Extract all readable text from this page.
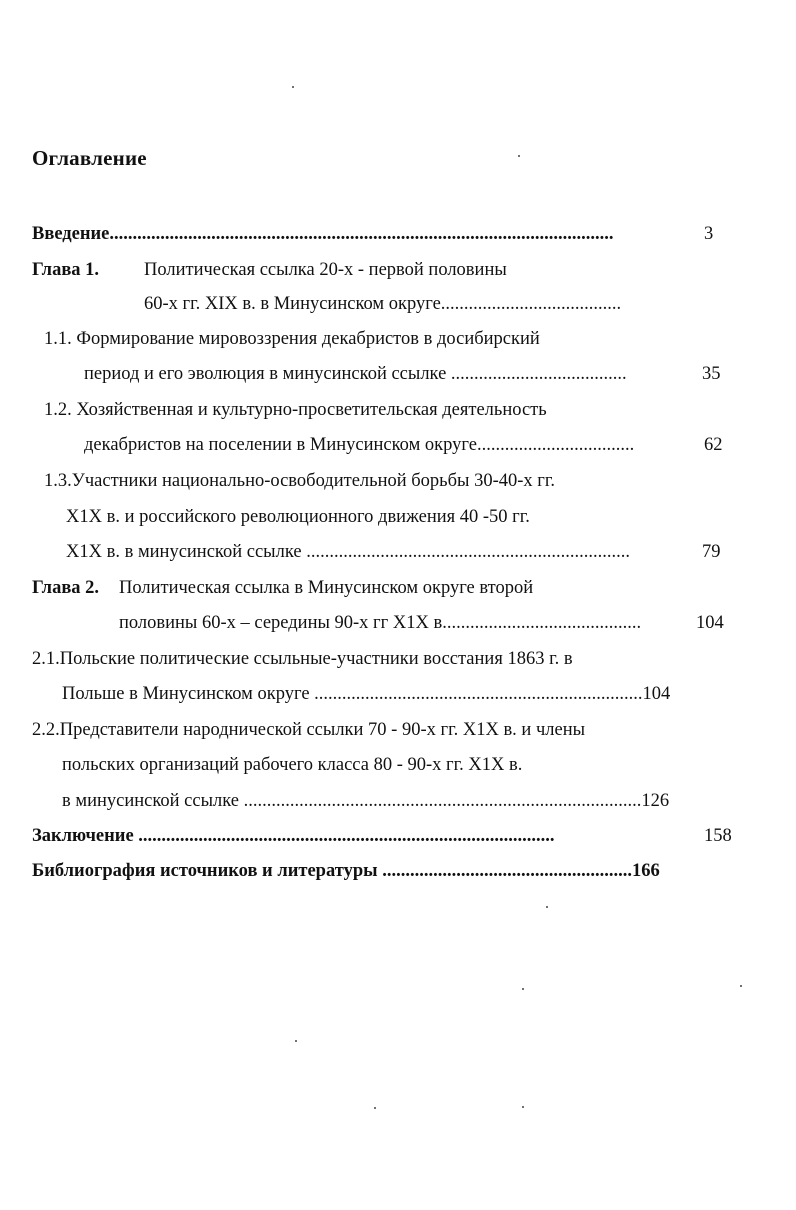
Оглавление
Введение.............................................................................................................	3
Глава 1. Политическая ссылка 20-х - первой половины
60-х гг. XIX в. в Минусинском округе.......................................
1.1. Формирование мировоззрения декабристов в досибирский
период и его эволюция в минусинской ссылке ......................................	35
1.2. Хозяйственная и культурно-просветительская деятельность
декабристов на поселении в Минусинском округе..................................	62
1.3.Участники национально-освободительной борьбы 30-40-х гг.
Х1Х в. и российского революционного движения 40 -50 гг.
Х1Х в. в минусинской ссылке ......................................................................	79
Глава 2. Политическая ссылка в Минусинском округе второй
половины 60-х – середины 90-х гг Х1Х в...........................................	104
2.1.Польские политические ссыльные-участники восстания 1863 г. в
Польше в Минусинском округе .......................................................................104
2.2.Представители народнической ссылки 70 - 90-х гг. Х1Х в. и члены
польских организаций рабочего класса 80 - 90-х гг. Х1Х в.
в минусинской ссылке ......................................................................................126
Заключение ..........................................................................................	158
Библиография источников и литературы ......................................................166
